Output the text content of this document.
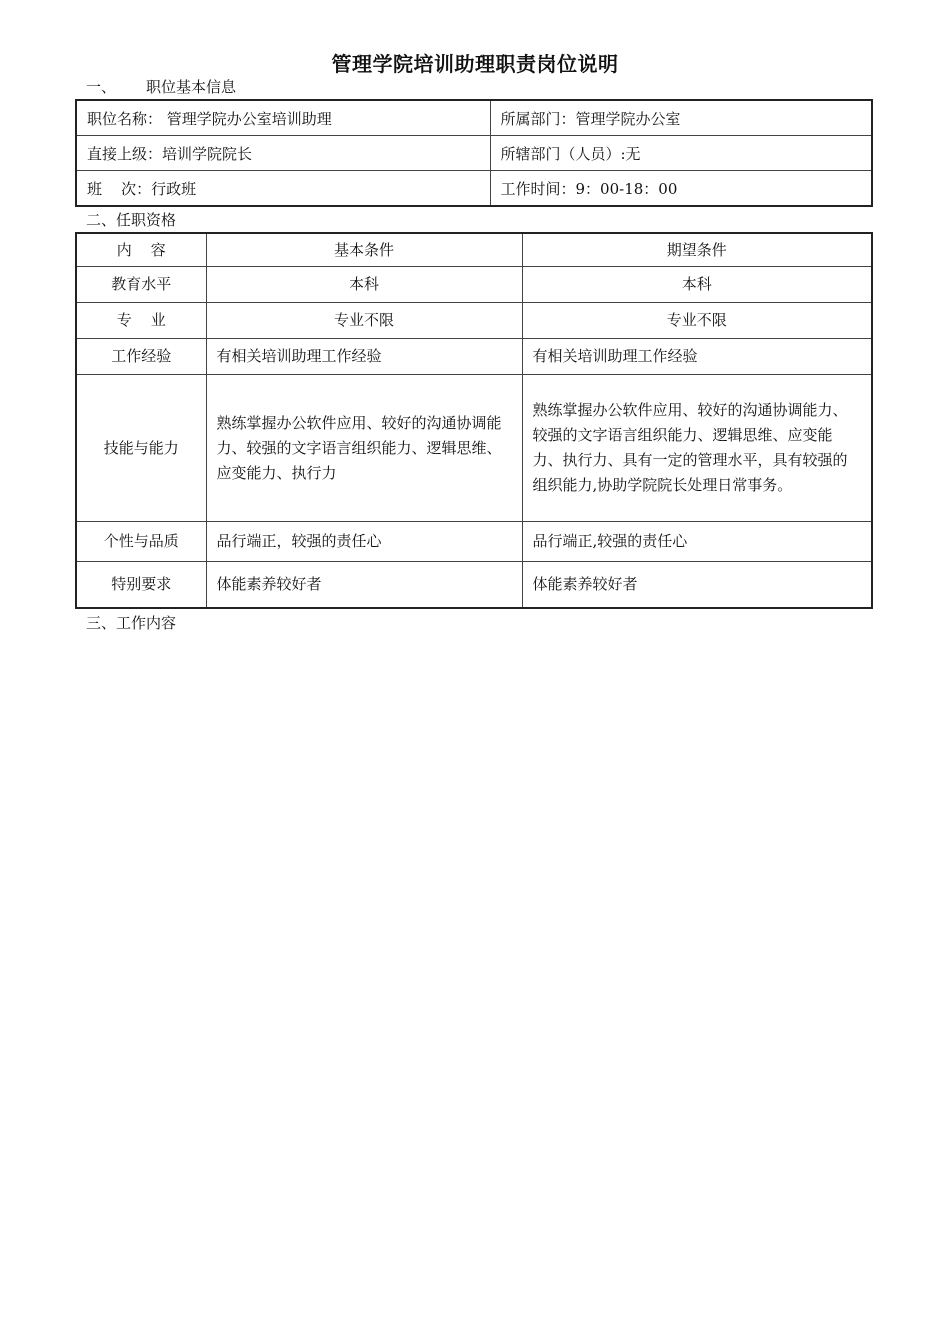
管理学院培训助理职责岗位说明
一、 职位基本信息
职位名称： 管理学院办公室培训助理	所属部门：管理学院办公室
直接上级：培训学院院长	所辖部门（人员）:无
班    次：行政班	工作时间：9：00-18：00
二、任职资格
内    容	基本条件	期望条件
教育水平	本科	本科
专    业	专业不限	专业不限
工作经验	有相关培训助理工作经验	有相关培训助理工作经验
技能与能力	熟练掌握办公软件应用、较好的沟通协调能力、较强的文字语言组织能力、逻辑思维、应变能力、执行力	熟练掌握办公软件应用、较好的沟通协调能力、较强的文字语言组织能力、逻辑思维、应变能力、执行力、具有一定的管理水平，具有较强的组织能力,协助学院院长处理日常事务。
个性与品质	品行端正，较强的责任心	品行端正,较强的责任心
特别要求	体能素养较好者	体能素养较好者
三、工作内容
